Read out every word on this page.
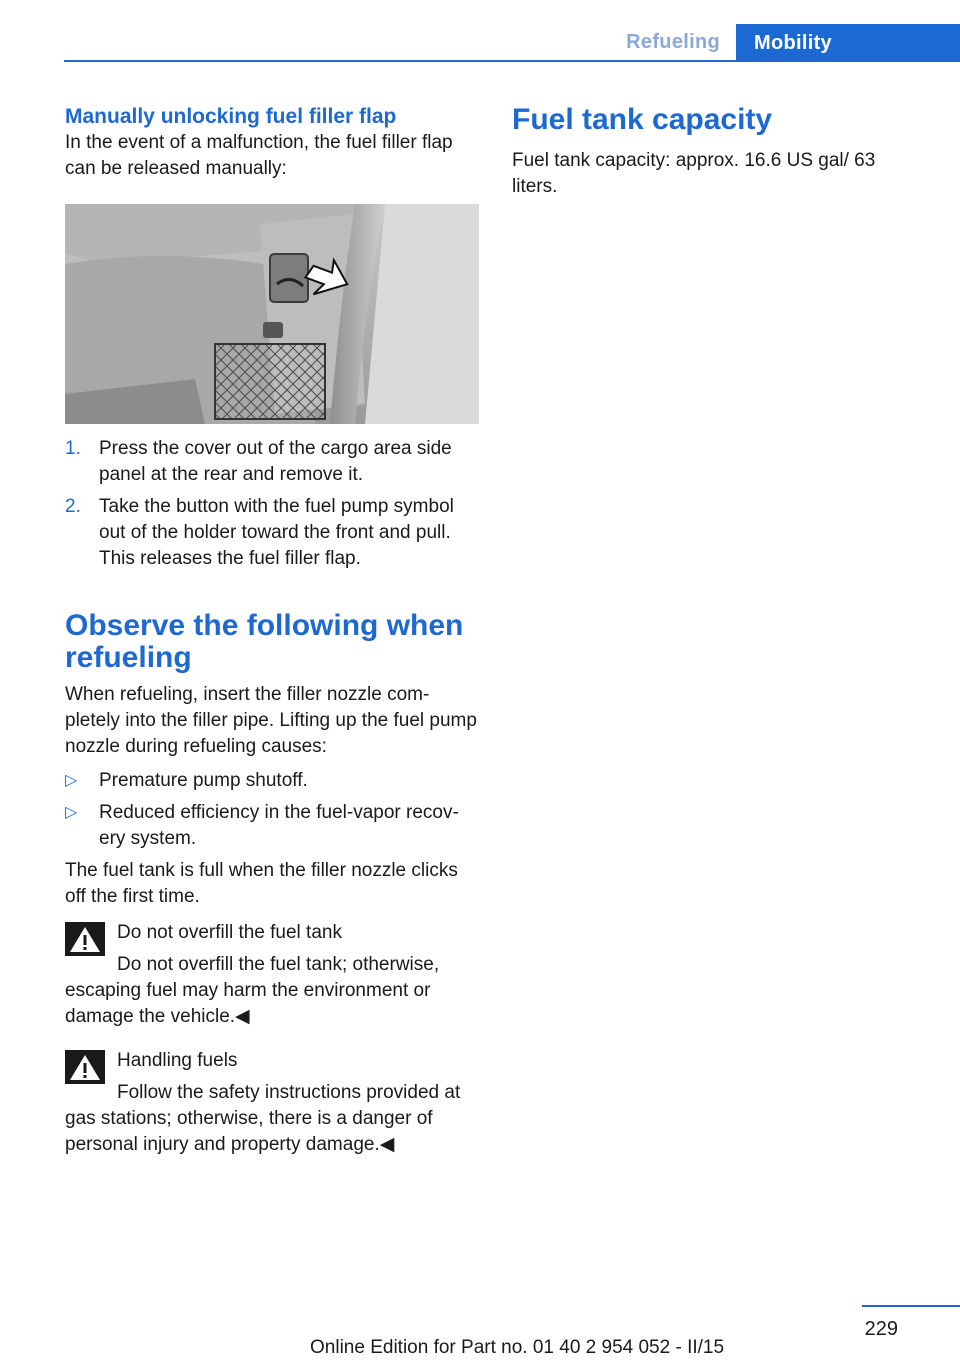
Refueling	Mobility
Manually unlocking fuel filler flap

In the event of a malfunction, the fuel filler flap can be released manually:

1. Press the cover out of the cargo area side panel at the rear and remove it.
2. Take the button with the fuel pump symbol out of the holder toward the front and pull. This releases the fuel filler flap.
Observe the following when refueling

When refueling, insert the filler nozzle com‐pletely into the filler pipe. Lifting up the fuel pump nozzle during refueling causes:

▷ Premature pump shutoff.
▷ Reduced efficiency in the fuel-vapor recov‐ery system.

The fuel tank is full when the filler nozzle clicks off the first time.

Do not overfill the fuel tank
Do not overfill the fuel tank; otherwise,
escaping fuel may harm the environment or damage the vehicle.◀
Handling fuels
Follow the safety instructions provided at
gas stations; otherwise, there is a danger of personal injury and property damage.◀
Fuel tank capacity

Fuel tank capacity: approx. 16.6 US gal/ 63 liters.

229
Online Edition for Part no. 01 40 2 954 052 - II/15
